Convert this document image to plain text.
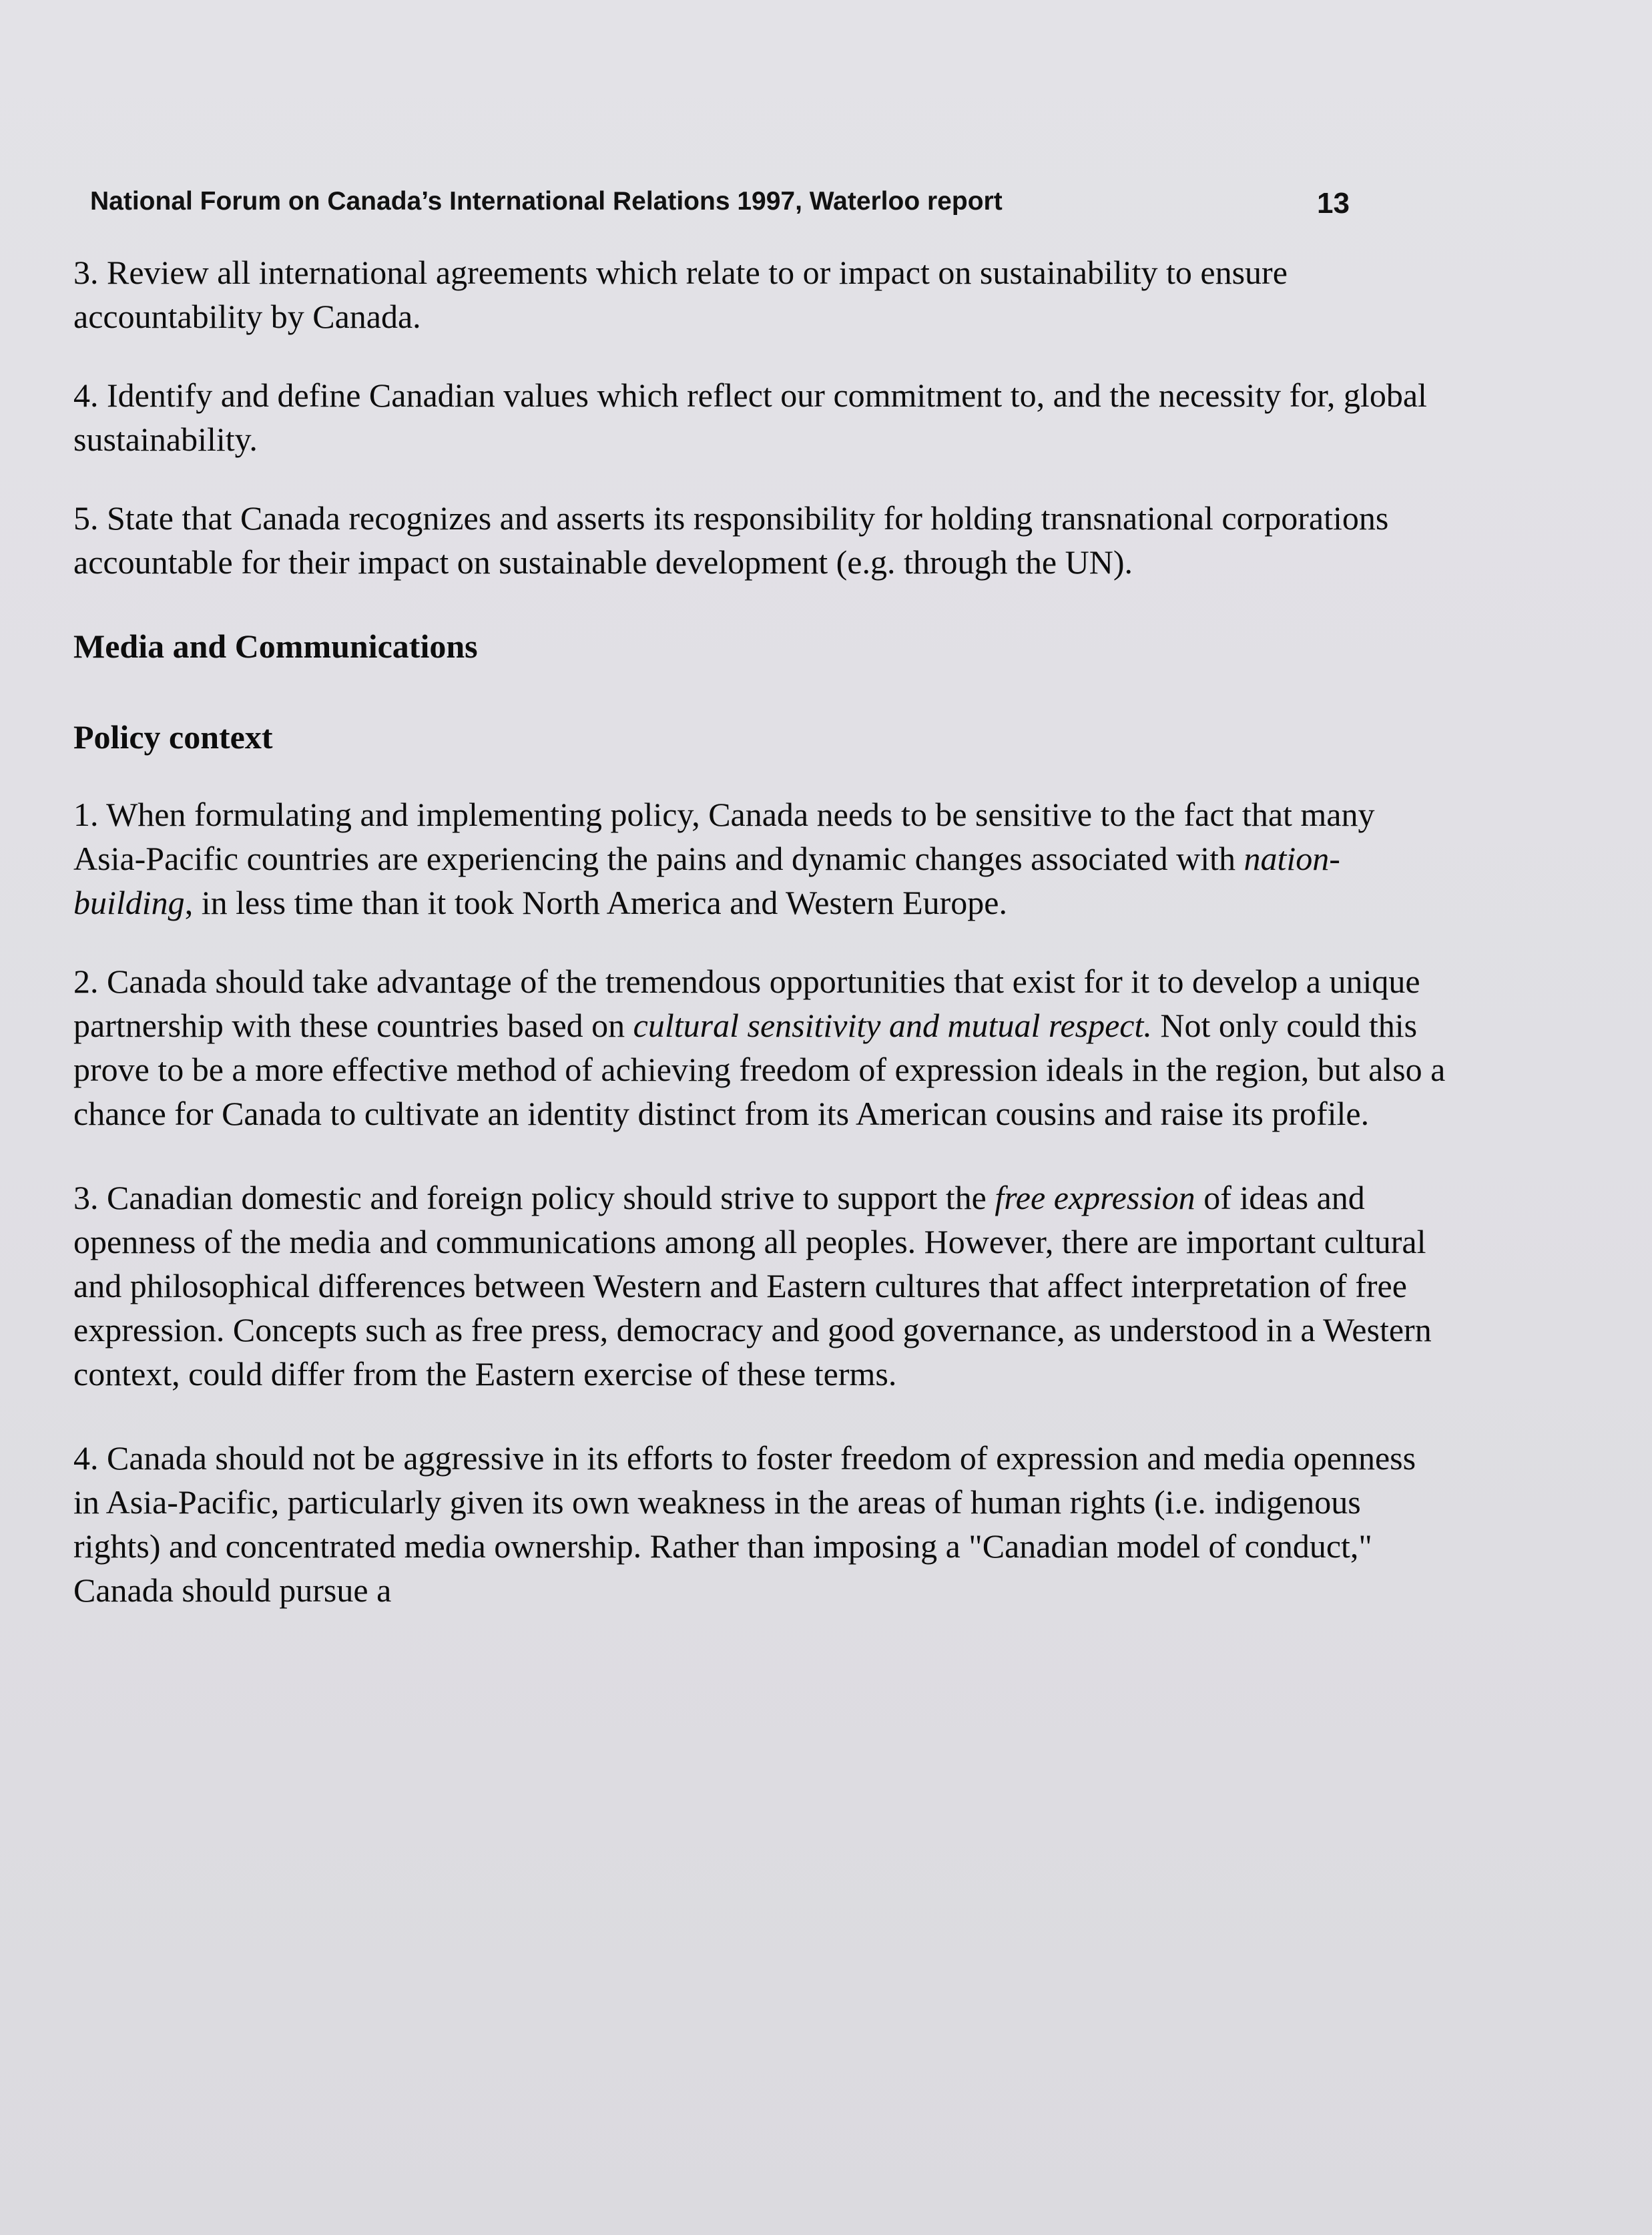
National Forum on Canada’s International Relations 1997, Waterloo report	13

3. Review all international agreements which relate to or impact on sustainability to ensure accountability by Canada.

4. Identify and define Canadian values which reflect our commitment to, and the necessity for, global sustainability.

5. State that Canada recognizes and asserts its responsibility for holding transnational corporations accountable for their impact on sustainable development (e.g. through the UN).

Media and Communications
Policy context

1. When formulating and implementing policy, Canada needs to be sensitive to the fact that many Asia-Pacific countries are experiencing the pains and dynamic changes associated with nation-building, in less time than it took North America and Western Europe.

2. Canada should take advantage of the tremendous opportunities that exist for it to develop a unique partnership with these countries based on cultural sensitivity and mutual respect. Not only could this prove to be a more effective method of achieving freedom of expression ideals in the region, but also a chance for Canada to cultivate an identity distinct from its American cousins and raise its profile.

3. Canadian domestic and foreign policy should strive to support the free expression of ideas and openness of the media and communications among all peoples. However, there are important cultural and philosophical differences between Western and Eastern cultures that affect interpretation of free expression. Concepts such as free press, democracy and good governance, as understood in a Western context, could differ from the Eastern exercise of these terms.

4. Canada should not be aggressive in its efforts to foster freedom of expression and media openness in Asia-Pacific, particularly given its own weakness in the areas of human rights (i.e. indigenous rights) and concentrated media ownership. Rather than imposing a "Canadian model of conduct," Canada should pursue a
